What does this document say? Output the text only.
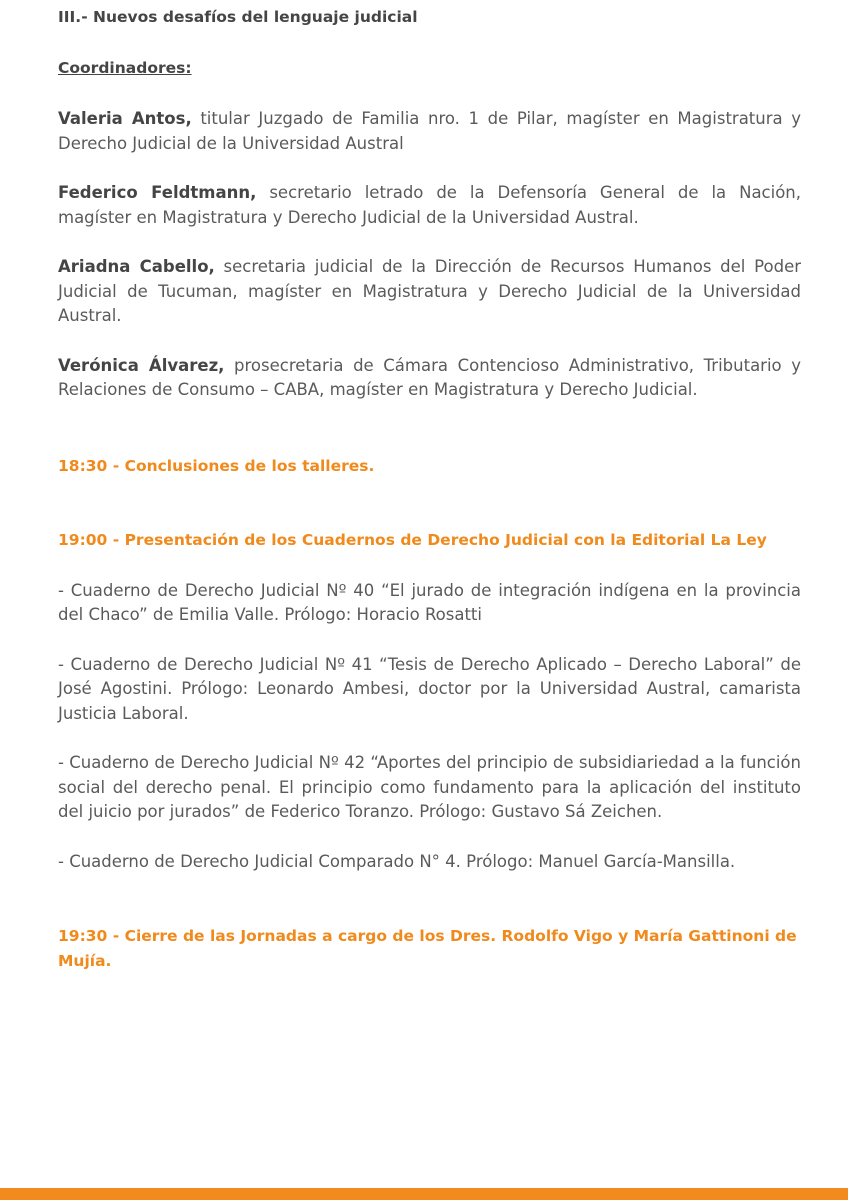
III.- Nuevos desafíos del lenguaje judicial

Coordinadores:

Valeria Antos, titular Juzgado de Familia nro. 1 de Pilar, magíster en Magistratura y Derecho Judicial de la Universidad Austral

Federico Feldtmann, secretario letrado de la Defensoría General de la Nación, magíster en Magistratura y Derecho Judicial de la Universidad Austral.

Ariadna Cabello, secretaria judicial de la Dirección de Recursos Humanos del Poder Judicial de Tucuman, magíster en Magistratura y Derecho Judicial de la Universidad Austral.

Verónica Álvarez, prosecretaria de Cámara Contencioso Administrativo, Tributario y Relaciones de Consumo – CABA, magíster en Magistratura y Derecho Judicial.

18:30 - Conclusiones de los talleres.

19:00 - Presentación de los Cuadernos de Derecho Judicial con la Editorial La Ley

- Cuaderno de Derecho Judicial Nº 40 “El jurado de integración indígena en la provincia del Chaco” de Emilia Valle. Prólogo: Horacio Rosatti

- Cuaderno de Derecho Judicial Nº 41 “Tesis de Derecho Aplicado – Derecho Laboral” de José Agostini. Prólogo: Leonardo Ambesi, doctor por la Universidad Austral, camarista Justicia Laboral.

- Cuaderno de Derecho Judicial Nº 42 “Aportes del principio de subsidiariedad a la función social del derecho penal. El principio como fundamento para la aplicación del instituto del juicio por jurados” de Federico Toranzo. Prólogo: Gustavo Sá Zeichen.

- Cuaderno de Derecho Judicial Comparado N° 4. Prólogo: Manuel García-Mansilla.

19:30 - Cierre de las Jornadas a cargo de los Dres. Rodolfo Vigo y María Gattinoni de Mujía.
